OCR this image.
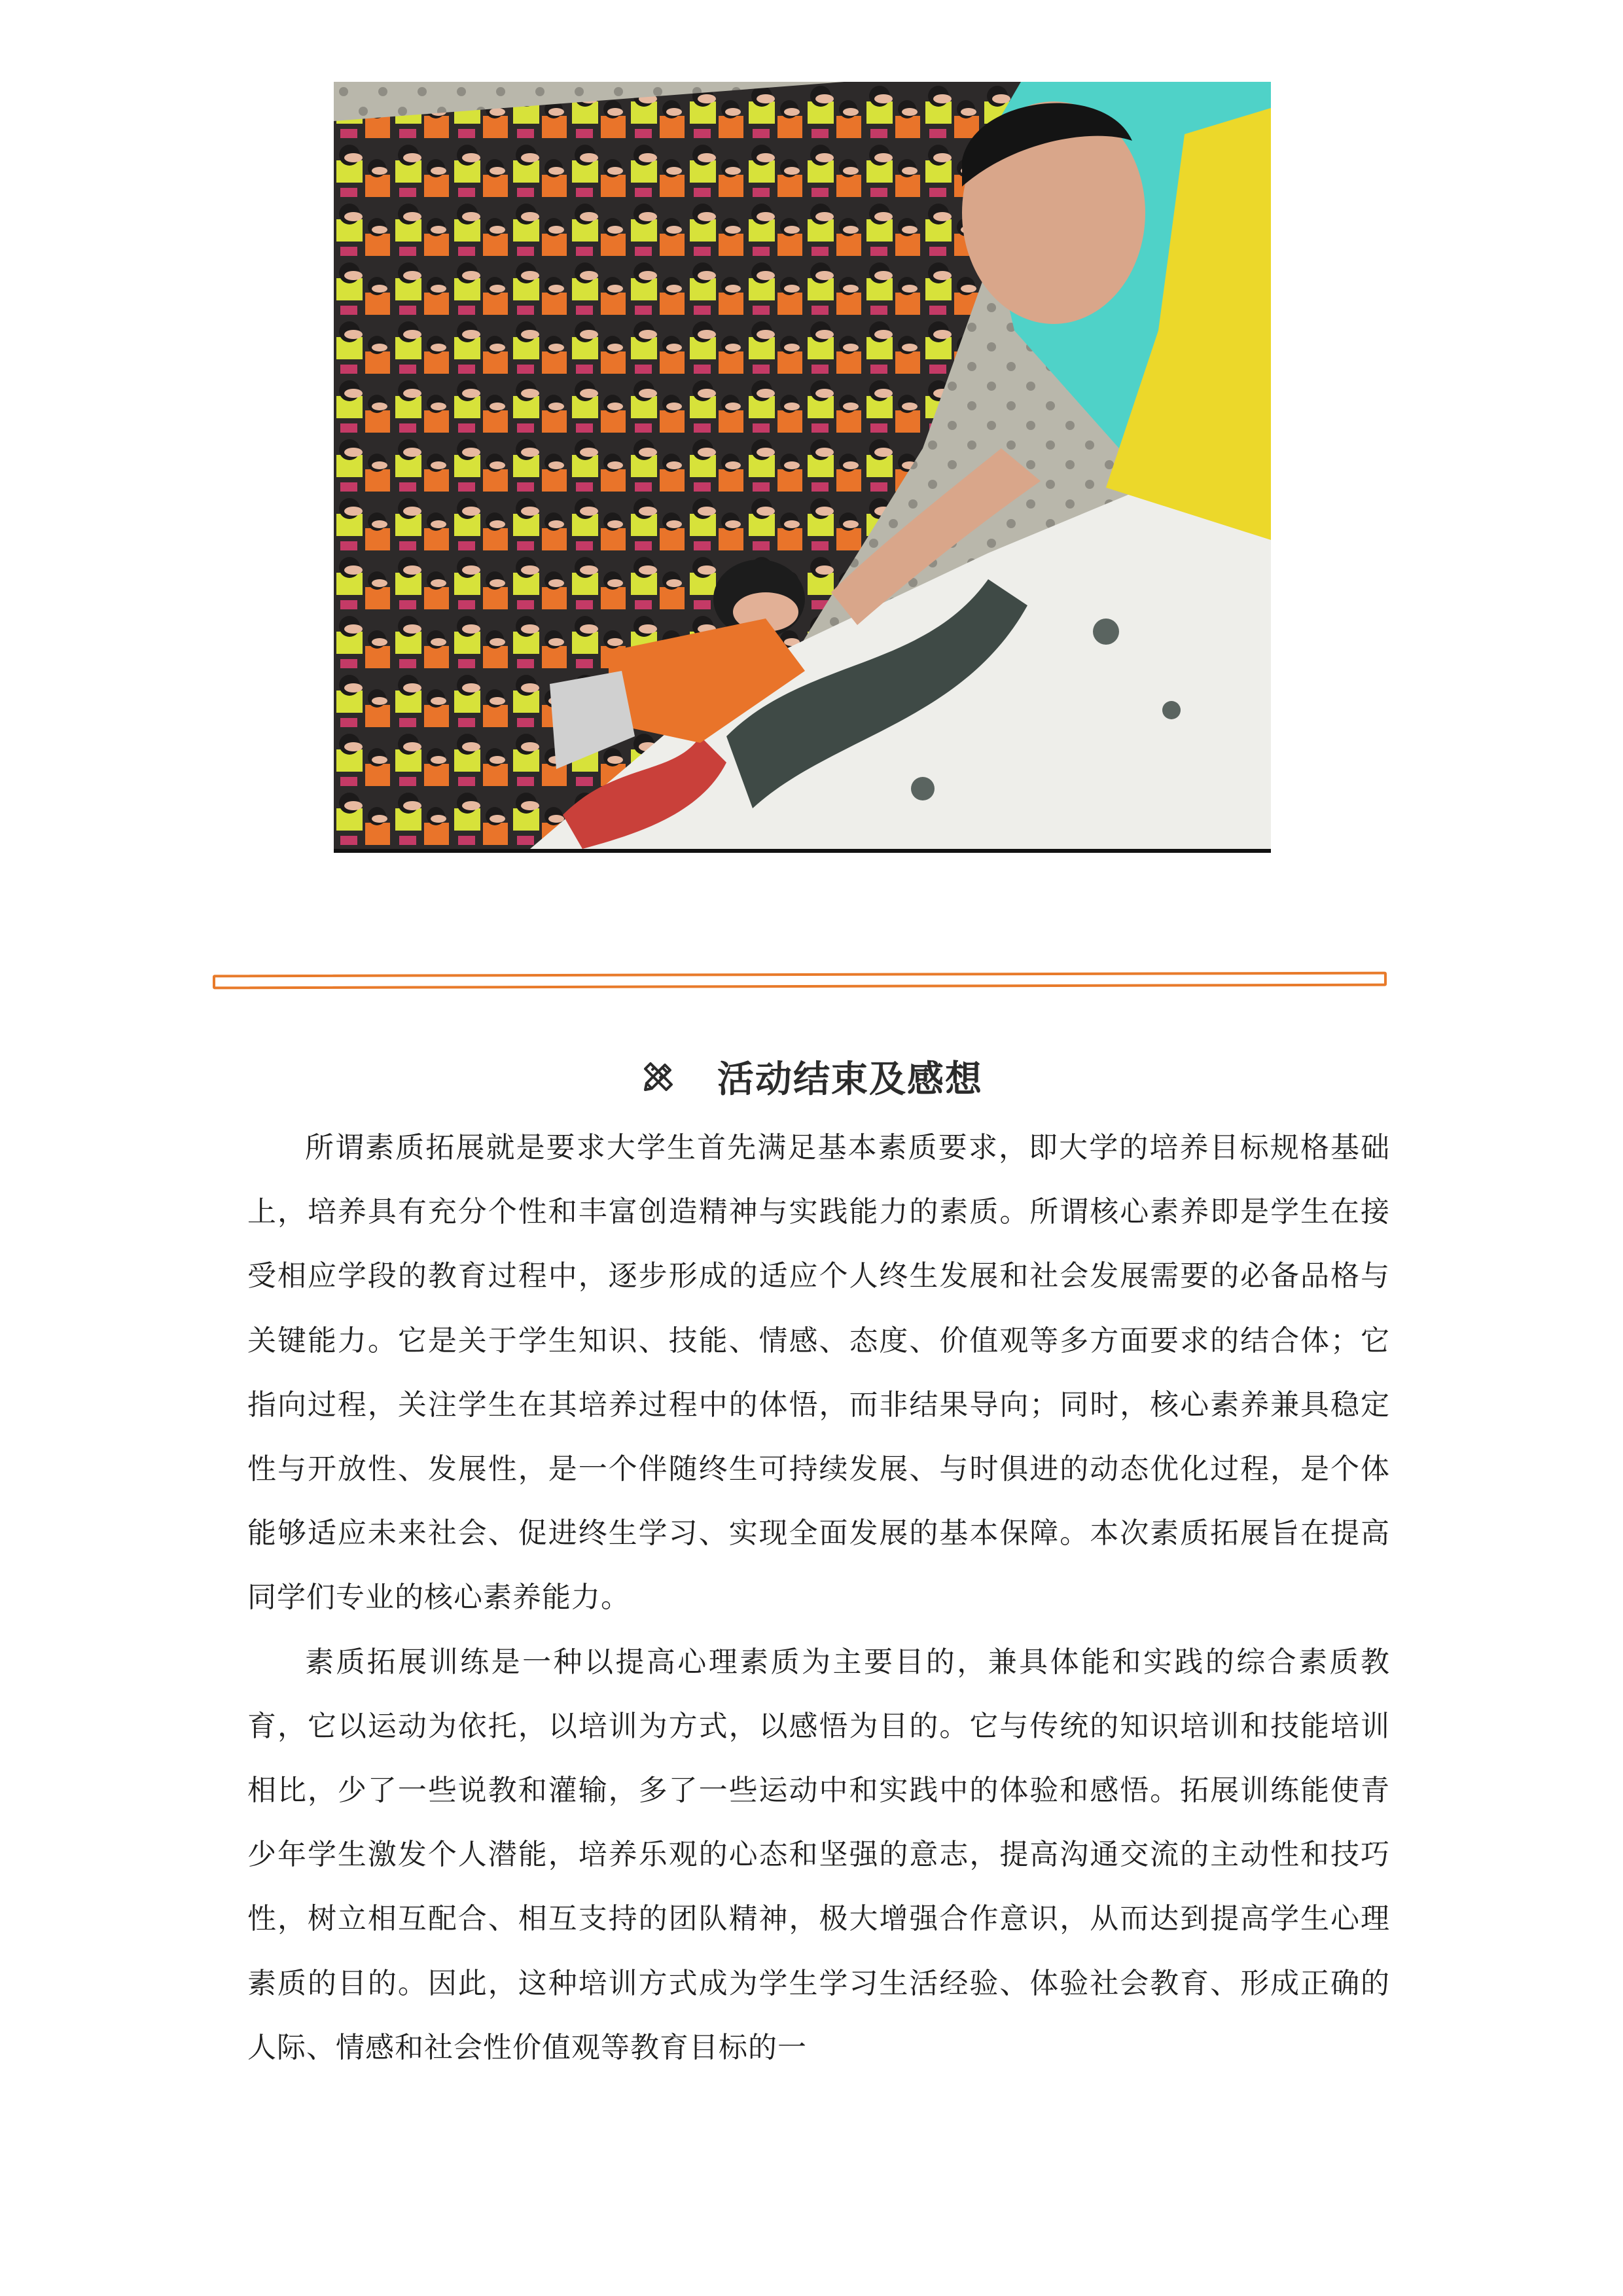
活动结束及感想

所谓素质拓展就是要求大学生首先满足基本素质要求，即大学的培养目标规格基础上，培养具有充分个性和丰富创造精神与实践能力的素质。所谓核心素养即是学生在接受相应学段的教育过程中，逐步形成的适应个人终生发展和社会发展需要的必备品格与关键能力。它是关于学生知识、技能、情感、态度、价值观等多方面要求的结合体；它指向过程，关注学生在其培养过程中的体悟，而非结果导向；同时，核心素养兼具稳定性与开放性、发展性，是一个伴随终生可持续发展、与时俱进的动态优化过程，是个体能够适应未来社会、促进终生学习、实现全面发展的基本保障。本次素质拓展旨在提高同学们专业的核心素养能力。

素质拓展训练是一种以提高心理素质为主要目的，兼具体能和实践的综合素质教育，它以运动为依托，以培训为方式，以感悟为目的。它与传统的知识培训和技能培训相比，少了一些说教和灌输，多了一些运动中和实践中的体验和感悟。拓展训练能使青少年学生激发个人潜能，培养乐观的心态和坚强的意志，提高沟通交流的主动性和技巧性，树立相互配合、相互支持的团队精神，极大增强合作意识，从而达到提高学生心理素质的目的。因此，这种培训方式成为学生学习生活经验、体验社会教育、形成正确的人际、情感和社会性价值观等教育目标的一
